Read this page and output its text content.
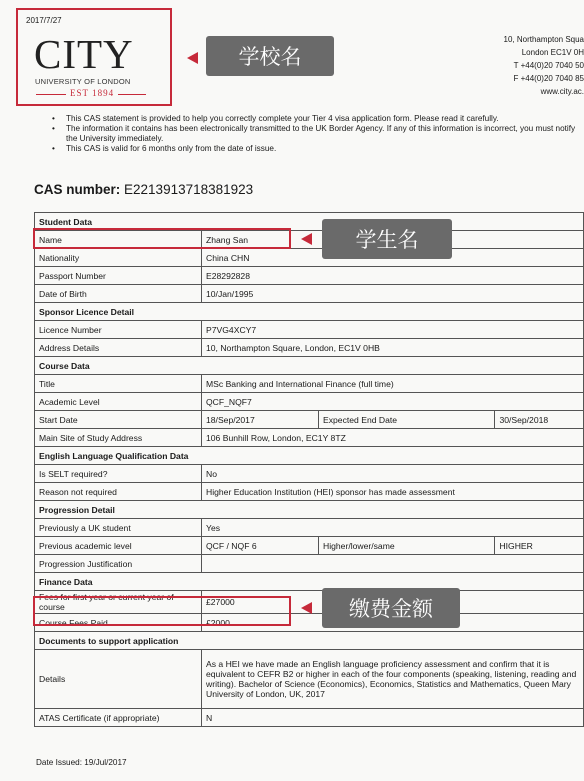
2017/7/27
CITY
UNIVERSITY OF LONDON
EST 1894
学校名
10, Northampton Squa
London EC1V 0H
T +44(0)20 7040 50
F +44(0)20 7040 85
www.city.ac.
• This CAS statement is provided to help you correctly complete your Tier 4 visa application form. Please read it carefully.
• The information it contains has been electronically transmitted to the UK Border Agency. If any of this information is incorrect, you must notify the University immediately.
• This CAS is valid for 6 months only from the date of issue.
CAS number: E2213913718381923
Student Data			
Name	Zhang San		
Nationality	China CHN		
Passport Number	E28292828		
Date of Birth	10/Jan/1995		
Sponsor Licence Detail			
Licence Number	P7VG4XCY7		
Address Details	10, Northampton Square, London, EC1V 0HB		
Course Data			
Title	MSc Banking and International Finance (full time)		
Academic Level	QCF_NQF7		
Start Date	18/Sep/2017	Expected End Date	30/Sep/2018
Main Site of Study Address	106 Bunhill Row, London, EC1Y 8TZ		
English Language Qualification Data			
Is SELT required?	No		
Reason not required	Higher Education Institution (HEI) sponsor has made assessment		
Progression Detail			
Previously a UK student	Yes		
Previous academic level	QCF / NQF 6	Higher/lower/same	HIGHER
Progression Justification			
Finance Data			
Fees for first year or current year of course	£27000		
Course Fees Paid	£2000		
Documents to support application			
Details	As a HEI we have made an English language proficiency assessment and confirm that it is equivalent to CEFR B2 or higher in each of the four components (speaking, listening, reading and writing). Bachelor of Science (Economics), Economics, Statistics and Mathematics, Queen Mary University of London, UK, 2017		
ATAS Certificate (if appropriate)	N		
学生名
缴费金额
Date Issued: 19/Jul/2017
